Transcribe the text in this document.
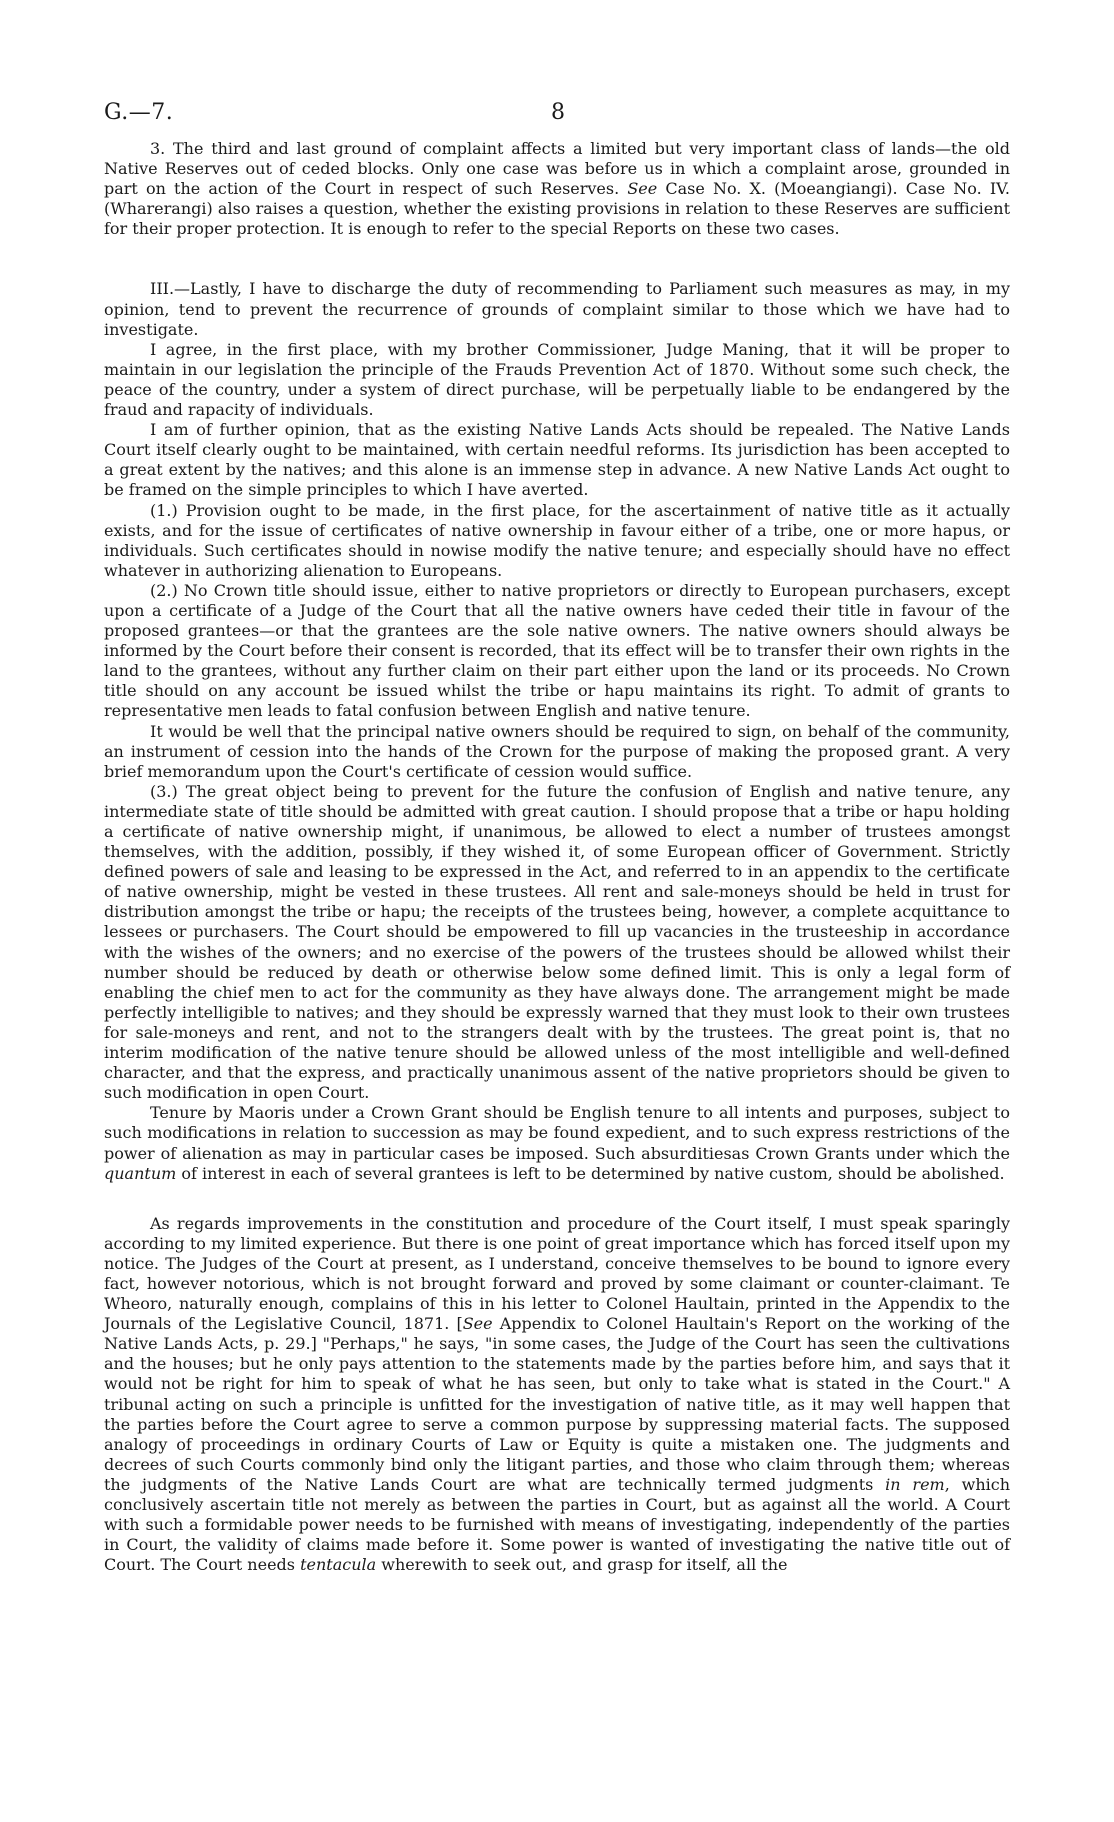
G.—7.	8

3. The third and last ground of complaint affects a limited but very important class of lands—the old Native Reserves out of ceded blocks. Only one case was before us in which a complaint arose, grounded in part on the action of the Court in respect of such Reserves. See Case No. X. (Moeangiangi). Case No. IV. (Wharerangi) also raises a question, whether the existing provisions in relation to these Reserves are sufficient for their proper protection. It is enough to refer to the special Reports on these two cases.

III.—Lastly, I have to discharge the duty of recommending to Parliament such measures as may, in my opinion, tend to prevent the recurrence of grounds of complaint similar to those which we have had to investigate.

I agree, in the first place, with my brother Commissioner, Judge Maning, that it will be proper to maintain in our legislation the principle of the Frauds Prevention Act of 1870. Without some such check, the peace of the country, under a system of direct purchase, will be perpetually liable to be endangered by the fraud and rapacity of individuals.

I am of further opinion, that as the existing Native Lands Acts should be repealed. The Native Lands Court itself clearly ought to be maintained, with certain needful reforms. Its jurisdiction has been accepted to a great extent by the natives; and this alone is an immense step in advance. A new Native Lands Act ought to be framed on the simple principles to which I have averted.

(1.) Provision ought to be made, in the first place, for the ascertainment of native title as it actually exists, and for the issue of certificates of native ownership in favour either of a tribe, one or more hapus, or individuals. Such certificates should in nowise modify the native tenure; and especially should have no effect whatever in authorizing alienation to Europeans.

(2.) No Crown title should issue, either to native proprietors or directly to European purchasers, except upon a certificate of a Judge of the Court that all the native owners have ceded their title in favour of the proposed grantees—or that the grantees are the sole native owners. The native owners should always be informed by the Court before their consent is recorded, that its effect will be to transfer their own rights in the land to the grantees, without any further claim on their part either upon the land or its proceeds. No Crown title should on any account be issued whilst the tribe or hapu maintains its right. To admit of grants to representative men leads to fatal confusion between English and native tenure.

It would be well that the principal native owners should be required to sign, on behalf of the community, an instrument of cession into the hands of the Crown for the purpose of making the proposed grant. A very brief memorandum upon the Court's certificate of cession would suffice.

(3.) The great object being to prevent for the future the confusion of English and native tenure, any intermediate state of title should be admitted with great caution. I should propose that a tribe or hapu holding a certificate of native ownership might, if unanimous, be allowed to elect a number of trustees amongst themselves, with the addition, possibly, if they wished it, of some European officer of Government. Strictly defined powers of sale and leasing to be expressed in the Act, and referred to in an appendix to the certificate of native ownership, might be vested in these trustees. All rent and sale-moneys should be held in trust for distribution amongst the tribe or hapu; the receipts of the trustees being, however, a complete acquittance to lessees or purchasers. The Court should be empowered to fill up vacancies in the trusteeship in accordance with the wishes of the owners; and no exercise of the powers of the trustees should be allowed whilst their number should be reduced by death or otherwise below some defined limit. This is only a legal form of enabling the chief men to act for the community as they have always done. The arrangement might be made perfectly intelligible to natives; and they should be expressly warned that they must look to their own trustees for sale-moneys and rent, and not to the strangers dealt with by the trustees. The great point is, that no interim modification of the native tenure should be allowed unless of the most intelligible and well-defined character, and that the express, and practically unanimous assent of the native proprietors should be given to such modification in open Court.

Tenure by Maoris under a Crown Grant should be English tenure to all intents and purposes, subject to such modifications in relation to succession as may be found expedient, and to such express restrictions of the power of alienation as may in particular cases be imposed. Such absurditiesas Crown Grants under which the quantum of interest in each of several grantees is left to be determined by native custom, should be abolished.

As regards improvements in the constitution and procedure of the Court itself, I must speak sparingly according to my limited experience. But there is one point of great importance which has forced itself upon my notice. The Judges of the Court at present, as I understand, conceive themselves to be bound to ignore every fact, however notorious, which is not brought forward and proved by some claimant or counter-claimant. Te Wheoro, naturally enough, complains of this in his letter to Colonel Haultain, printed in the Appendix to the Journals of the Legislative Council, 1871. [See Appendix to Colonel Haultain's Report on the working of the Native Lands Acts, p. 29.] "Perhaps," he says, "in some cases, the Judge of the Court has seen the cultivations and the houses; but he only pays attention to the statements made by the parties before him, and says that it would not be right for him to speak of what he has seen, but only to take what is stated in the Court." A tribunal acting on such a principle is unfitted for the investigation of native title, as it may well happen that the parties before the Court agree to serve a common purpose by suppressing material facts. The supposed analogy of proceedings in ordinary Courts of Law or Equity is quite a mistaken one. The judgments and decrees of such Courts commonly bind only the litigant parties, and those who claim through them; whereas the judgments of the Native Lands Court are what are technically termed judgments in rem, which conclusively ascertain title not merely as between the parties in Court, but as against all the world. A Court with such a formidable power needs to be furnished with means of investigating, independently of the parties in Court, the validity of claims made before it. Some power is wanted of investigating the native title out of Court. The Court needs tentacula wherewith to seek out, and grasp for itself, all the
